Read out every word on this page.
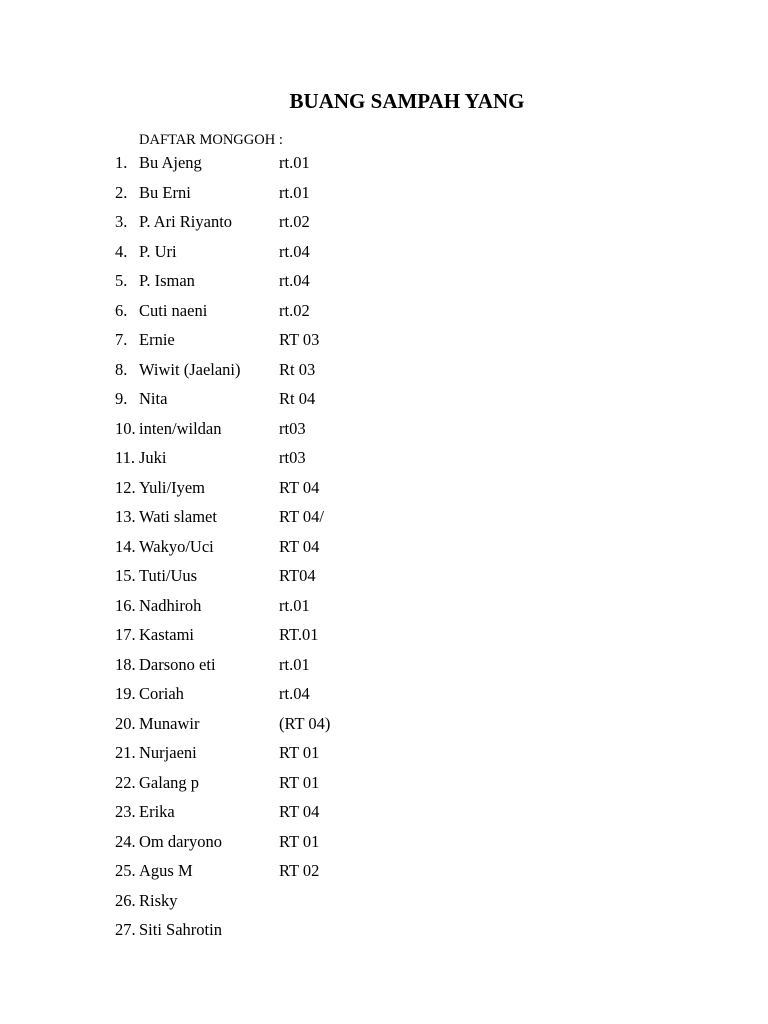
BUANG SAMPAH YANG

DAFTAR MONGGOH :

1. Bu Ajeng	rt.01
2. Bu Erni	rt.01
3. P. Ari Riyanto	rt.02
4. P. Uri	rt.04
5. P. Isman	rt.04
6. Cuti naeni	rt.02
7. Ernie	RT 03
8. Wiwit (Jaelani) Rt 03
9. Nita	Rt 04
10. inten/wildan	rt03
11. Juki	rt03
12. Yuli/Iyem	RT 04
13. Wati slamet	RT 04/
14. Wakyo/Uci	RT 04
15. Tuti/Uus	RT04
16. Nadhiroh	rt.01
17. Kastami	RT.01
18. Darsono eti	rt.01
19. Coriah	rt.04
20. Munawir	(RT 04)
21. Nurjaeni	RT 01
22. Galang p	RT 01
23. Erika	RT 04
24. Om daryono	RT 01
25. Agus M	RT 02
26. Risky
27. Siti Sahrotin
